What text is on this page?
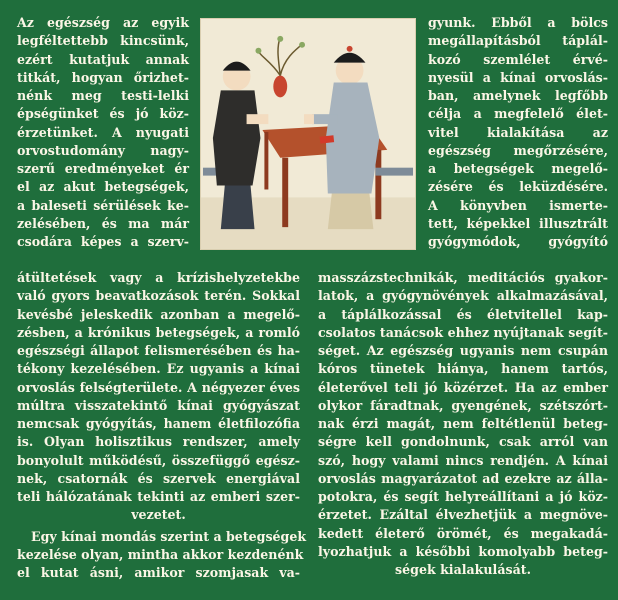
Az egészség az egyik
legféltettebb kincsünk,
ezért kutatjuk annak
titkát, hogyan őrizhet-
nénk meg testi-lelki
épségünket és jó köz-
érzetünket. A nyugati
orvostudomány nagy-
szerű eredményeket ér
el az akut betegségek,
a baleseti sérülések ke-
zelésében, és ma már
csodára képes a szerv-
gyunk. Ebből a bölcs
megállapításból táplál-
kozó szemlélet érvé-
nyesül a kínai orvoslás-
ban, amelynek legfőbb
célja a megfelelő élet-
vitel kialakítása az
egészség megőrzésére,
a betegségek megelő-
zésére és leküzdésére.
A könyvben ismerte-
tett, képekkel illusztrált
gyógymódok, gyógyító
átültetések vagy a krízishelyzetekbe
való gyors beavatkozások terén. Sokkal
kevésbé jeleskedik azonban a megelő-
zésben, a krónikus betegségek, a romló
egészségi állapot felismerésében és ha-
tékony kezelésében. Ez ugyanis a kínai
orvoslás felségterülete. A négyezer éves
múltra visszatekintő kínai gyógyászat
nemcsak gyógyítás, hanem életfilozófia
is. Olyan holisztikus rendszer, amely
bonyolult működésű, összefüggő egész-
nek, csatornák és szervek energiával
teli hálózatának tekinti az emberi szer-
vezetet.
Egy kínai mondás szerint a betegségek
kezelése olyan, mintha akkor kezdenénk
el kutat ásni, amikor szomjasak va-
masszázstechnikák, meditációs gyakor-
latok, a gyógynövények alkalmazásával,
a táplálkozással és életvitellel kap-
csolatos tanácsok ehhez nyújtanak segít-
séget. Az egészség ugyanis nem csupán
kóros tünetek hiánya, hanem tartós,
életerővel teli jó közérzet. Ha az ember
olykor fáradtnak, gyengének, szétszórt-
nak érzi magát, nem feltétlenül beteg-
ségre kell gondolnunk, csak arról van
szó, hogy valami nincs rendjén. A kínai
orvoslás magyarázatot ad ezekre az álla-
potokra, és segít helyreállítani a jó köz-
érzetet. Ezáltal élvezhetjük a megnöve-
kedett életerő örömét, és megakadá-
lyozhatjuk a későbbi komolyabb beteg-
ségek kialakulását.
